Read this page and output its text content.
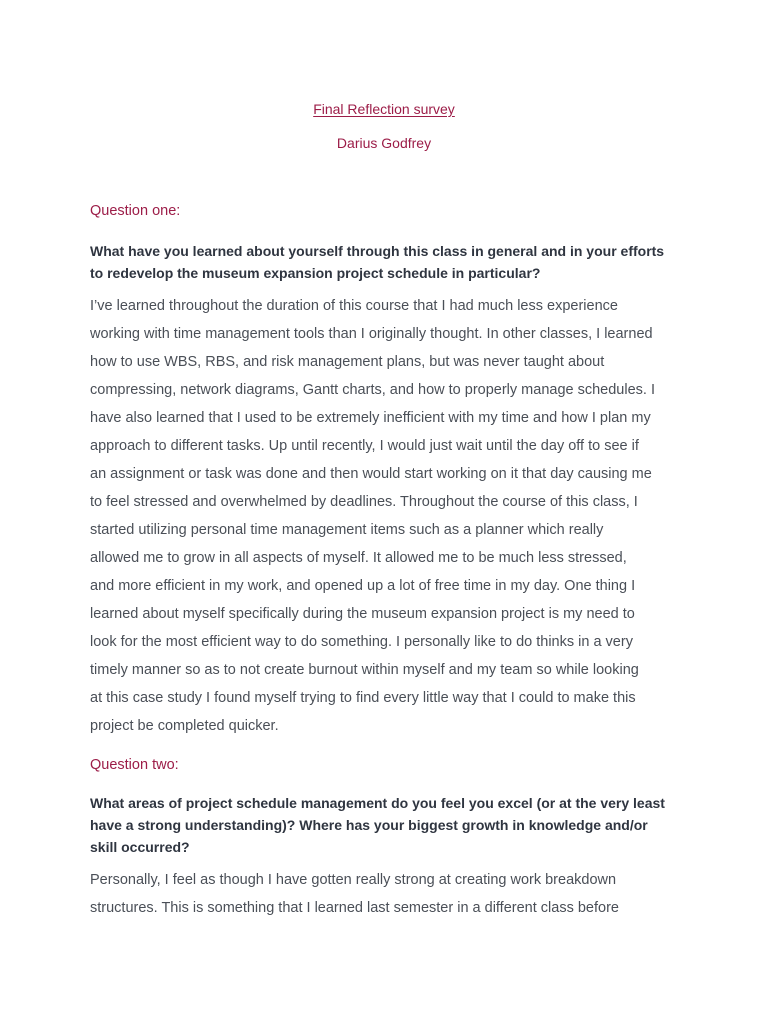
Final Reflection survey
Darius Godfrey
Question one:

What have you learned about yourself through this class in general and in your efforts
to redevelop the museum expansion project schedule in particular?

I’ve learned throughout the duration of this course that I had much less experience
working with time management tools than I originally thought. In other classes, I learned
how to use WBS, RBS, and risk management plans, but was never taught about
compressing, network diagrams, Gantt charts, and how to properly manage schedules. I
have also learned that I used to be extremely inefficient with my time and how I plan my
approach to different tasks. Up until recently, I would just wait until the day off to see if
an assignment or task was done and then would start working on it that day causing me
to feel stressed and overwhelmed by deadlines. Throughout the course of this class, I
started utilizing personal time management items such as a planner which really
allowed me to grow in all aspects of myself. It allowed me to be much less stressed,
and more efficient in my work, and opened up a lot of free time in my day. One thing I
learned about myself specifically during the museum expansion project is my need to
look for the most efficient way to do something. I personally like to do thinks in a very
timely manner so as to not create burnout within myself and my team so while looking
at this case study I found myself trying to find every little way that I could to make this
project be completed quicker.

Question two:

What areas of project schedule management do you feel you excel (or at the very least
have a strong understanding)? Where has your biggest growth in knowledge and/or
skill occurred?

Personally, I feel as though I have gotten really strong at creating work breakdown
structures. This is something that I learned last semester in a different class before
